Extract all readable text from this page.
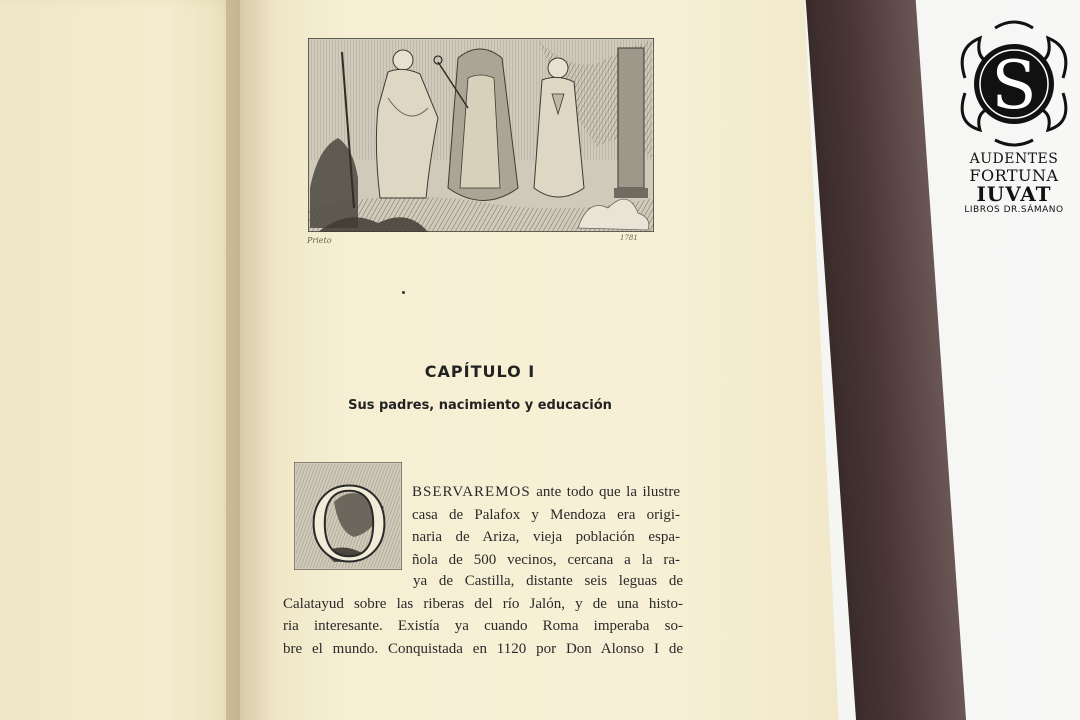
Prieto	1781
CAPÍTULO I
Sus padres, nacimiento y educación
O BSERVAREMOS ante todo que la ilustre
casa de Palafox y Mendoza era origi-
naria de Ariza, vieja población espa-
ñola de 500 vecinos, cercana a la ra-
ya de Castilla, distante seis leguas de
Calatayud sobre las riberas del río Jalón, y de una histo-
ria interesante. Existía ya cuando Roma imperaba so-
bre el mundo. Conquistada en 1120 por Don Alonso I de
S
AUDENTES
FORTUNA
IUVAT
LIBROS DR.SÁMANO
